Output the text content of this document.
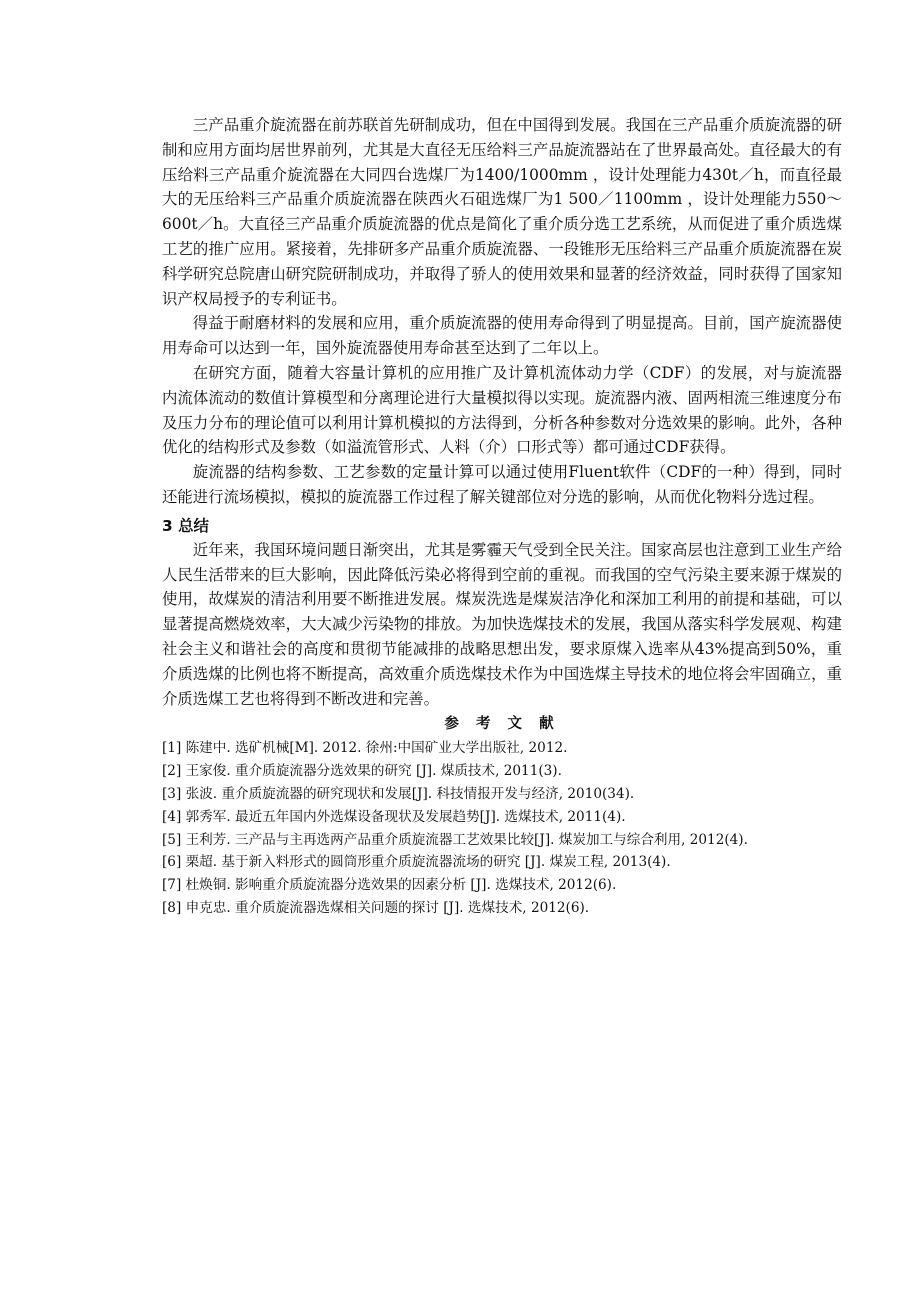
三产品重介旋流器在前苏联首先研制成功，但在中国得到发展。我国在三产品重介质旋流器的研制和应用方面均居世界前列，尤其是大直径无压给料三产品旋流器站在了世界最高处。直径最大的有压给料三产品重介旋流器在大同四台选煤厂为1400/1000mm ，设计处理能力430t／h，而直径最大的无压给料三产品重介质旋流器在陕西火石砠选煤厂为1 500／1100mm ，设计处理能力550～600t／h。大直径三产品重介质旋流器的优点是简化了重介质分选工艺系统，从而促进了重介质选煤工艺的推广应用。紧接着，先排研多产品重介质旋流器、一段锥形无压给料三产品重介质旋流器在炭科学研究总院唐山研究院研制成功，并取得了骄人的使用效果和显著的经济效益，同时获得了国家知识产权局授予的专利证书。

得益于耐磨材料的发展和应用，重介质旋流器的使用寿命得到了明显提高。目前，国产旋流器使用寿命可以达到一年，国外旋流器使用寿命甚至达到了二年以上。

在研究方面，随着大容量计算机的应用推广及计算机流体动力学（CDF）的发展，对与旋流器内流体流动的数值计算模型和分离理论进行大量模拟得以实现。旋流器内液、固两相流三维速度分布及压力分布的理论值可以利用计算机模拟的方法得到，分析各种参数对分选效果的影响。此外，各种优化的结构形式及参数（如溢流管形式、人料（介）口形式等）都可通过CDF获得。

旋流器的结构参数、工艺参数的定量计算可以通过使用Fluent软件（CDF的一种）得到，同时还能进行流场模拟，模拟的旋流器工作过程了解关键部位对分选的影响，从而优化物料分选过程。

3 总结

近年来，我国环境问题日渐突出，尤其是雾霾天气受到全民关注。国家高层也注意到工业生产给人民生活带来的巨大影响，因此降低污染必将得到空前的重视。而我国的空气污染主要来源于煤炭的使用，故煤炭的清洁利用要不断推进发展。煤炭洗选是煤炭洁净化和深加工利用的前提和基础，可以显著提高燃烧效率，大大减少污染物的排放。为加快选煤技术的发展，我国从落实科学发展观、构建社会主义和谐社会的高度和贯彻节能减排的战略思想出发，要求原煤入选率从43%提高到50%，重介质选煤的比例也将不断提高，高效重介质选煤技术作为中国选煤主导技术的地位将会牢固确立，重介质选煤工艺也将得到不断改进和完善。

参 考 文 献
[1] 陈建中. 选矿机械[M]. 2012. 徐州:中国矿业大学出版社, 2012.
[2] 王家俊. 重介质旋流器分选效果的研究 [J]. 煤质技术, 2011(3).
[3] 张波. 重介质旋流器的研究现状和发展[J]. 科技情报开发与经济, 2010(34).
[4] 郭秀军. 最近五年国内外选煤设备现状及发展趋势[J]. 选煤技术, 2011(4).
[5] 王利芳. 三产品与主再选两产品重介质旋流器工艺效果比较[J]. 煤炭加工与综合利用, 2012(4).
[6] 栗超. 基于新入料形式的圆筒形重介质旋流器流场的研究 [J]. 煤炭工程, 2013(4).
[7] 杜焕铜. 影响重介质旋流器分选效果的因素分析 [J]. 选煤技术, 2012(6).
[8] 申克忠. 重介质旋流器选煤相关问题的探讨 [J]. 选煤技术, 2012(6).
